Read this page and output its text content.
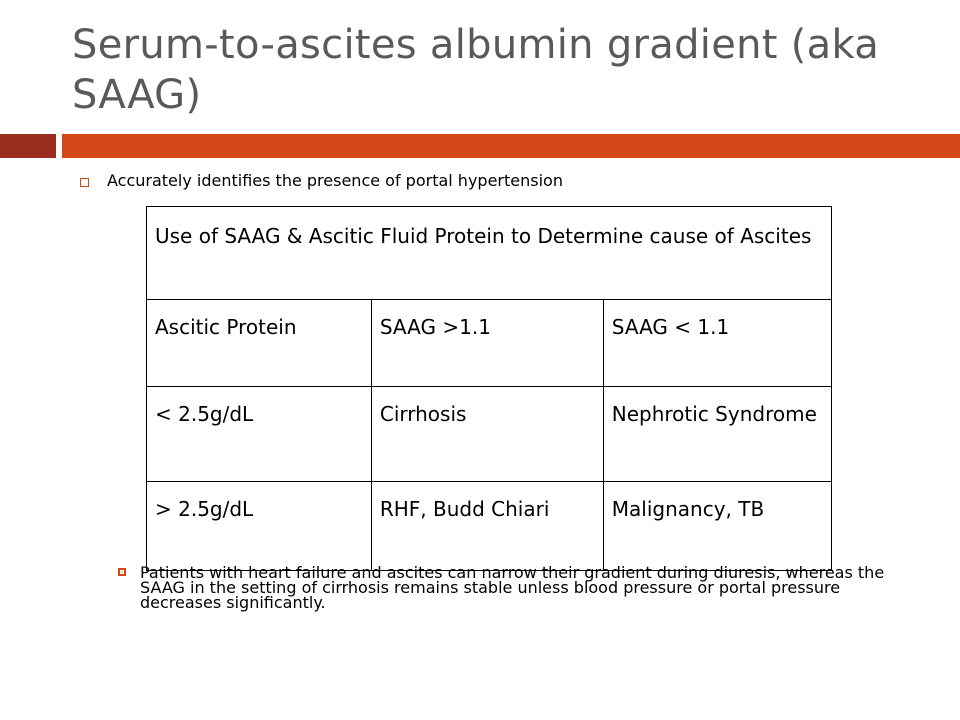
Serum-to-ascites albumin gradient (aka SAAG)
Accurately identifies the presence of portal hypertension
Use of SAAG & Ascitic Fluid Protein to Determine cause of Ascites		
Ascitic Protein	SAAG >1.1	SAAG < 1.1
< 2.5g/dL	Cirrhosis	Nephrotic Syndrome
> 2.5g/dL	RHF, Budd Chiari	Malignancy, TB
Patients with heart failure and ascites can narrow their gradient during diuresis, whereas the SAAG in the setting of cirrhosis remains stable unless blood pressure or portal pressure decreases significantly.
